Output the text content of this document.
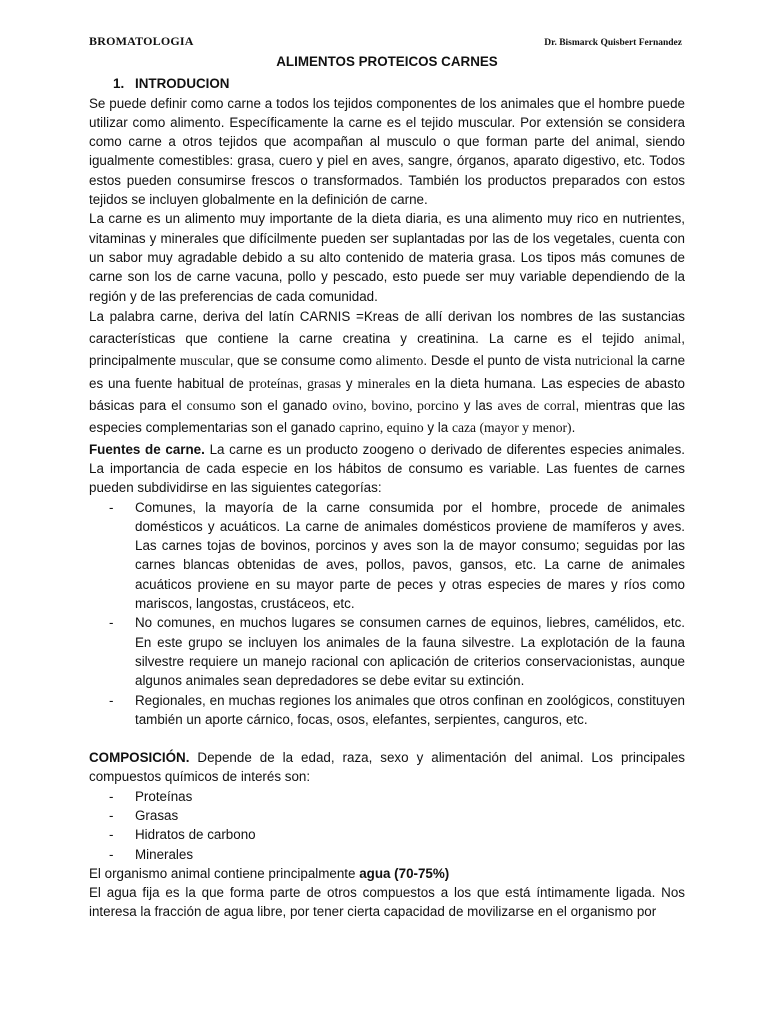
BROMATOLOGIA	Dr. Bismarck Quisbert Fernandez
ALIMENTOS PROTEICOS CARNES
1. INTRODUCION

Se puede definir como carne a todos los tejidos componentes de los animales que el hombre puede utilizar como alimento. Específicamente la carne es el tejido muscular. Por extensión se considera como carne a otros tejidos que acompañan al musculo o que forman parte del animal, siendo igualmente comestibles: grasa, cuero y piel en aves, sangre, órganos, aparato digestivo, etc. Todos estos pueden consumirse frescos o transformados. También los productos preparados con estos tejidos se incluyen globalmente en la definición de carne.

La carne es un alimento muy importante de la dieta diaria, es una alimento muy rico en nutrientes, vitaminas y minerales que difícilmente pueden ser suplantadas por las de los vegetales, cuenta con un sabor muy agradable debido a su alto contenido de materia grasa. Los tipos más comunes de carne son los de carne vacuna, pollo y pescado, esto puede ser muy variable dependiendo de la región y de las preferencias de cada comunidad.

La palabra carne, deriva del latín CARNIS =Kreas de allí derivan los nombres de las sustancias características que contiene la carne creatina y creatinina. La carne es el tejido animal, principalmente muscular, que se consume como alimento. Desde el punto de vista nutricional la carne es una fuente habitual de proteínas, grasas y minerales en la dieta humana. Las especies de abasto básicas para el consumo son el ganado ovino, bovino, porcino y las aves de corral, mientras que las especies complementarias son el ganado caprino, equino y la caza (mayor y menor).

Fuentes de carne. La carne es un producto zoogeno o derivado de diferentes especies animales. La importancia de cada especie en los hábitos de consumo es variable. Las fuentes de carnes pueden subdividirse en las siguientes categorías:

- Comunes, la mayoría de la carne consumida por el hombre, procede de animales domésticos y acuáticos. La carne de animales domésticos proviene de mamíferos y aves. Las carnes tojas de bovinos, porcinos y aves son la de mayor consumo; seguidas por las carnes blancas obtenidas de aves, pollos, pavos, gansos, etc. La carne de animales acuáticos proviene en su mayor parte de peces y otras especies de mares y ríos como mariscos, langostas, crustáceos, etc.
- No comunes, en muchos lugares se consumen carnes de equinos, liebres, camélidos, etc. En este grupo se incluyen los animales de la fauna silvestre. La explotación de la fauna silvestre requiere un manejo racional con aplicación de criterios conservacionistas, aunque algunos animales sean depredadores se debe evitar su extinción.
- Regionales, en muchas regiones los animales que otros confinan en zoológicos, constituyen también un aporte cárnico, focas, osos, elefantes, serpientes, canguros, etc.

COMPOSICIÓN. Depende de la edad, raza, sexo y alimentación del animal. Los principales compuestos químicos de interés son:

- Proteínas
- Grasas
- Hidratos de carbono
- Minerales

El organismo animal contiene principalmente agua (70-75%)

El agua fija es la que forma parte de otros compuestos a los que está íntimamente ligada. Nos interesa la fracción de agua libre, por tener cierta capacidad de movilizarse en el organismo por
